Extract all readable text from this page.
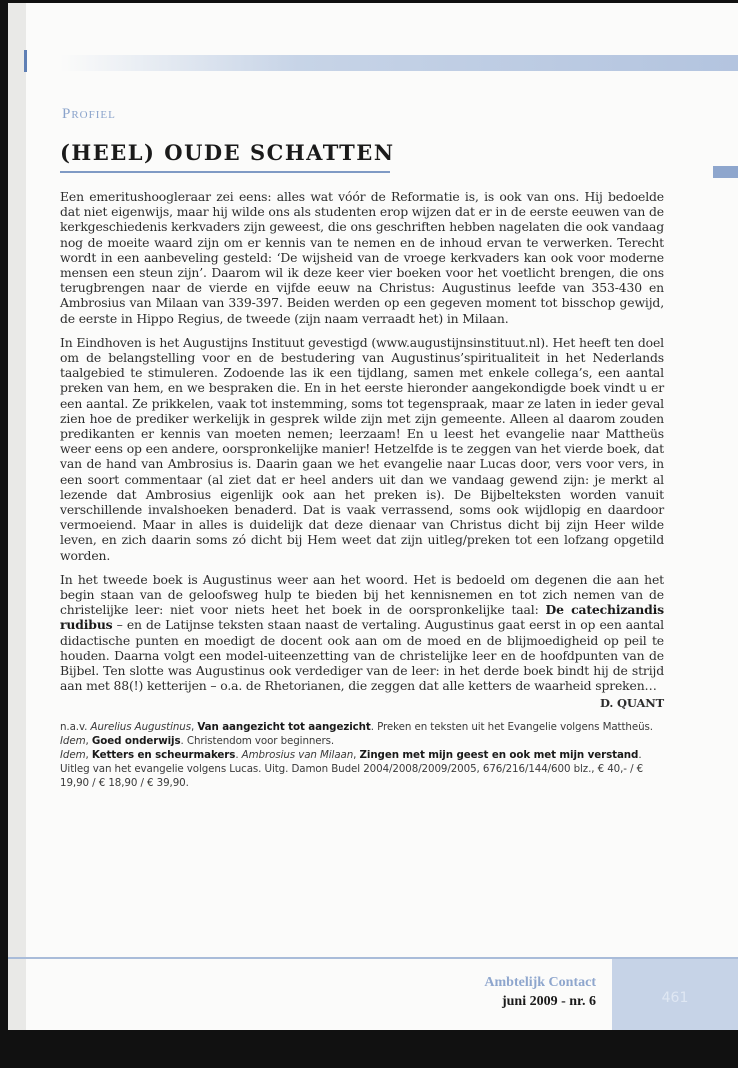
Profiel

(HEEL) OUDE SCHATTEN

Een emeritushoogleraar zei eens: alles wat vóór de Reformatie is, is ook van ons. Hij bedoelde dat niet eigenwijs, maar hij wilde ons als studenten erop wijzen dat er in de eerste eeuwen van de kerkgeschiedenis kerkvaders zijn geweest, die ons geschriften hebben nagelaten die ook vandaag nog de moeite waard zijn om er kennis van te nemen en de inhoud ervan te verwerken. Terecht wordt in een aanbeveling gesteld: ‘De wijsheid van de vroege kerkvaders kan ook voor moderne mensen een steun zijn’. Daarom wil ik deze keer vier boeken voor het voetlicht brengen, die ons terugbrengen naar de vierde en vijfde eeuw na Christus: Augustinus leefde van 353-430 en Ambrosius van Milaan van 339-397. Beiden werden op een gegeven moment tot bisschop gewijd, de eerste in Hippo Regius, de tweede (zijn naam verraadt het) in Milaan.

In Eindhoven is het Augustijns Instituut gevestigd (www.augustijnsinstituut.nl). Het heeft ten doel om de belangstelling voor en de bestudering van Augustinus’spiritualiteit in het Nederlands taalgebied te stimuleren. Zodoende las ik een tijdlang, samen met enkele collega’s, een aantal preken van hem, en we bespraken die. En in het eerste hieronder aangekondigde boek vindt u er een aantal. Ze prikkelen, vaak tot instemming, soms tot tegenspraak, maar ze laten in ieder geval zien hoe de prediker werkelijk in gesprek wilde zijn met zijn gemeente. Alleen al daarom zouden predikanten er kennis van moeten nemen; leerzaam! En u leest het evangelie naar Mattheüs weer eens op een andere, oorspronkelijke manier! Hetzelfde is te zeggen van het vierde boek, dat van de hand van Ambrosius is. Daarin gaan we het evangelie naar Lucas door, vers voor vers, in een soort commentaar (al ziet dat er heel anders uit dan we vandaag gewend zijn: je merkt al lezende dat Ambrosius eigenlijk ook aan het preken is). De Bijbelteksten worden vanuit verschillende invalshoeken benaderd. Dat is vaak verrassend, soms ook wijdlopig en daardoor vermoeiend. Maar in alles is duidelijk dat deze dienaar van Christus dicht bij zijn Heer wilde leven, en zich daarin soms zó dicht bij Hem weet dat zijn uitleg/preken tot een lofzang opgetild worden.

In het tweede boek is Augustinus weer aan het woord. Het is bedoeld om degenen die aan het begin staan van de geloofsweg hulp te bieden bij het kennisnemen en tot zich nemen van de christelijke leer: niet voor niets heet het boek in de oorspronkelijke taal: De catechizandis rudibus – en de Latijnse teksten staan naast de vertaling. Augustinus gaat eerst in op een aantal didactische punten en moedigt de docent ook aan om de moed en de blijmoedigheid op peil te houden. Daarna volgt een model-uiteenzetting van de christelijke leer en de hoofdpunten van de Bijbel. Ten slotte was Augustinus ook verdediger van de leer: in het derde boek bindt hij de strijd aan met 88(!) ketterijen – o.a. de Rhetorianen, die zeggen dat alle ketters de waarheid spreken…
D. QUANT

n.a.v. Aurelius Augustinus, Van aangezicht tot aangezicht. Preken en teksten uit het Evangelie volgens Mattheüs. Idem, Goed onderwijs. Christendom voor beginners.

Idem, Ketters en scheurmakers. Ambrosius van Milaan, Zingen met mijn geest en ook met mijn verstand. Uitleg van het evangelie volgens Lucas. Uitg. Damon Budel 2004/2008/2009/2005, 676/216/144/600 blz., € 40,- / € 19,90 / € 18,90 / € 39,90.

461

Ambtelijk Contact

juni 2009 - nr. 6
